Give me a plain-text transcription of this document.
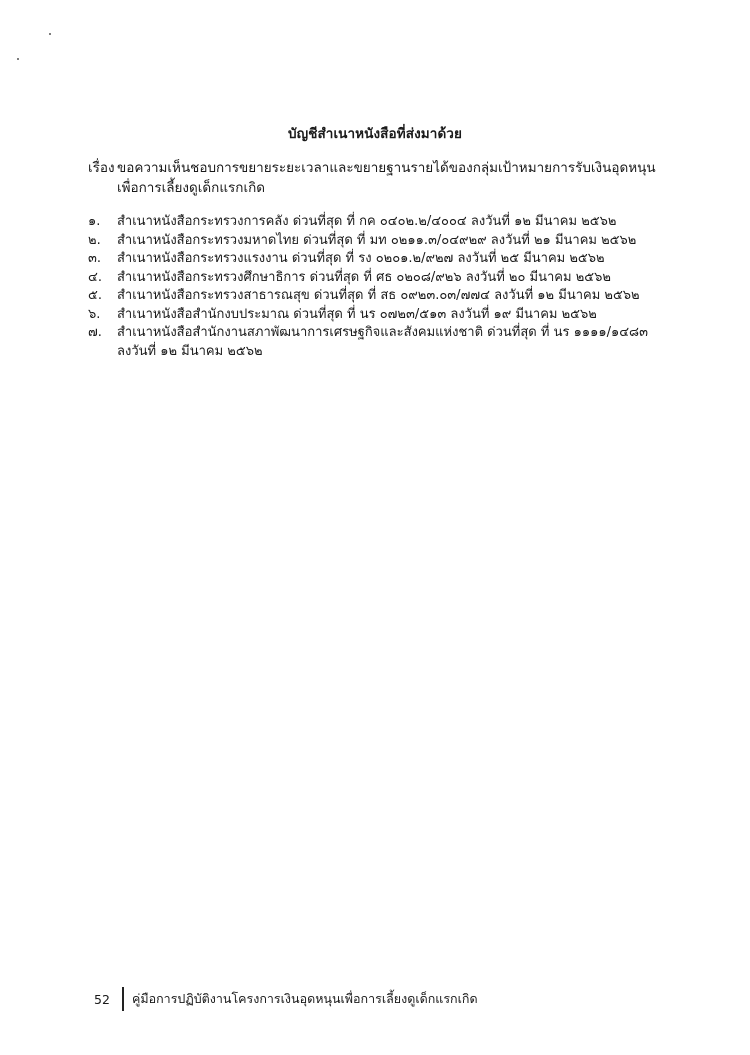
บัญชีสำเนาหนังสือที่ส่งมาด้วย
เรื่อง ขอความเห็นชอบการขยายระยะเวลาและขยายฐานรายได้ของกลุ่มเป้าหมายการรับเงินอุดหนุน
เพื่อการเลี้ยงดูเด็กแรกเกิด
๑. สำเนาหนังสือกระทรวงการคลัง ด่วนที่สุด ที่ กค ๐๔๐๒.๒/๔๐๐๔ ลงวันที่ ๑๒ มีนาคม ๒๕๖๒
๒. สำเนาหนังสือกระทรวงมหาดไทย ด่วนที่สุด ที่ มท ๐๒๑๑.๓/๐๔๙๒๙ ลงวันที่ ๒๑ มีนาคม ๒๕๖๒
๓. สำเนาหนังสือกระทรวงแรงงาน ด่วนที่สุด ที่ รง ๐๒๐๑.๒/๙๒๗ ลงวันที่ ๒๕ มีนาคม ๒๕๖๒
๔. สำเนาหนังสือกระทรวงศึกษาธิการ ด่วนที่สุด ที่ ศธ ๐๒๐๘/๙๒๖ ลงวันที่ ๒๐ มีนาคม ๒๕๖๒
๕. สำเนาหนังสือกระทรวงสาธารณสุข ด่วนที่สุด ที่ สธ ๐๙๒๓.๐๓/๗๗๔ ลงวันที่ ๑๒ มีนาคม ๒๕๖๒
๖. สำเนาหนังสือสำนักงบประมาณ ด่วนที่สุด ที่ นร ๐๗๒๓/๕๑๓ ลงวันที่ ๑๙ มีนาคม ๒๕๖๒
๗. สำเนาหนังสือสำนักงานสภาพัฒนาการเศรษฐกิจและสังคมแห่งชาติ ด่วนที่สุด ที่ นร ๑๑๑๑/๑๔๘๓
ลงวันที่ ๑๒ มีนาคม ๒๕๖๒
52	คู่มือการปฏิบัติงานโครงการเงินอุดหนุนเพื่อการเลี้ยงดูเด็กแรกเกิด
